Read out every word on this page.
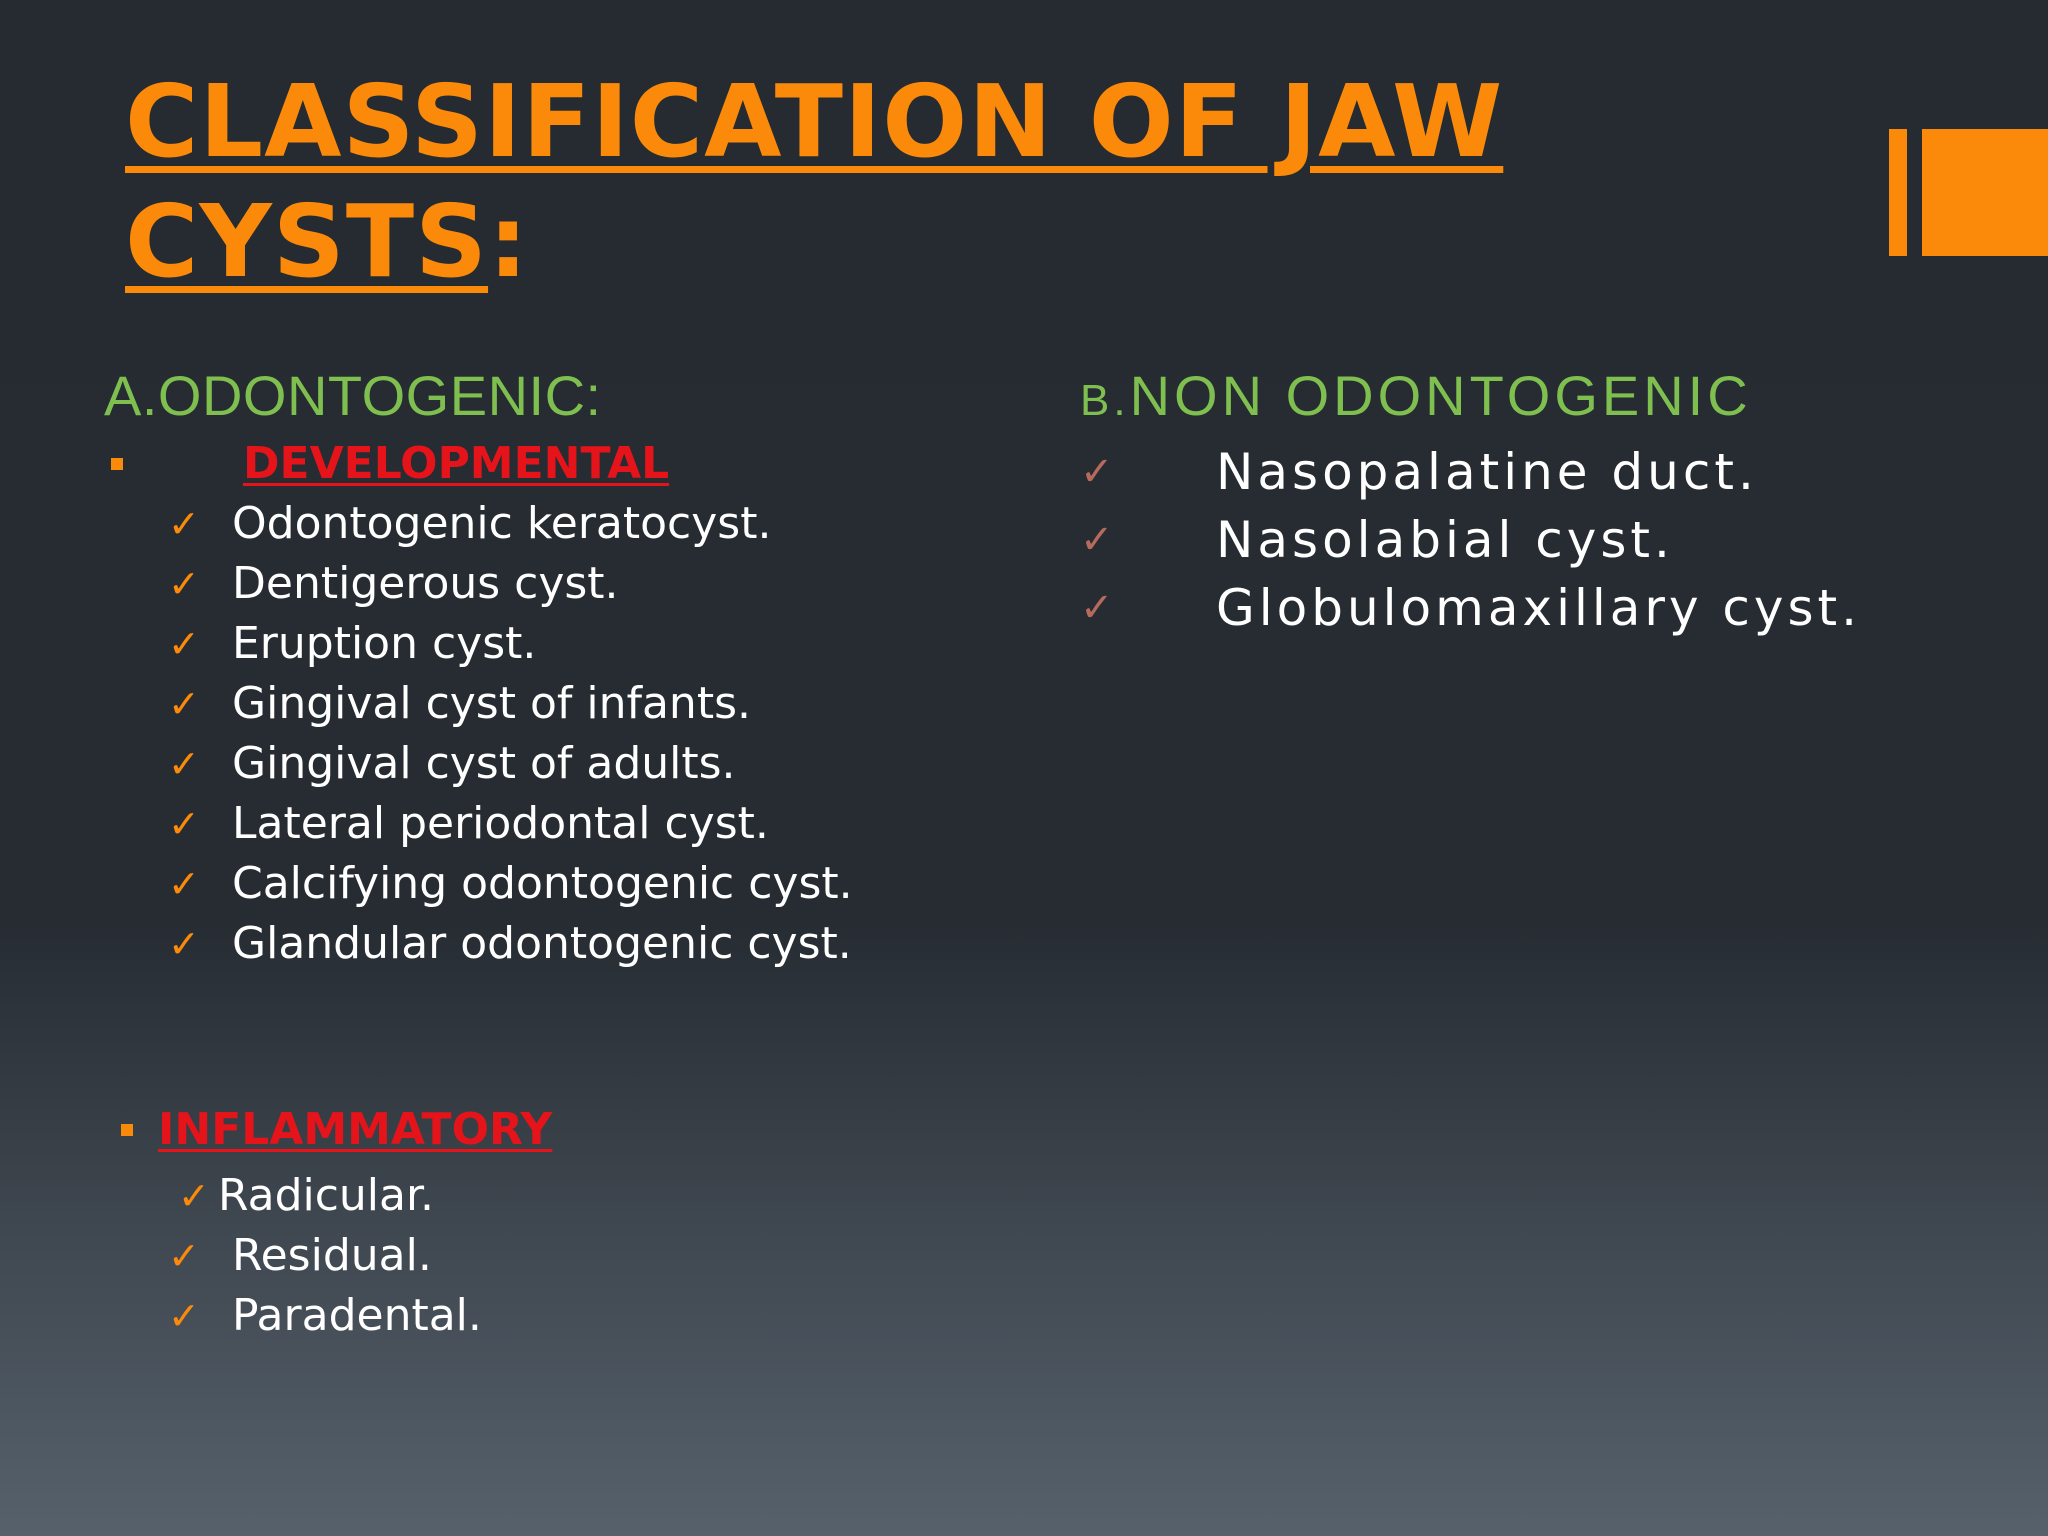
CLASSIFICATION OF JAW
CYSTS:
A.ODONTOGENIC:
DEVELOPMENTAL
✓ Odontogenic keratocyst.
✓ Dentigerous cyst.
✓ Eruption cyst.
✓ Gingival cyst of infants.
✓ Gingival cyst of adults.
✓ Lateral periodontal cyst.
✓ Calcifying odontogenic cyst.
✓ Glandular odontogenic cyst.
INFLAMMATORY
✓ Radicular.
✓ Residual.
✓ Paradental.
B.NON ODONTOGENIC
✓ Nasopalatine duct.
✓ Nasolabial cyst.
✓ Globulomaxillary cyst.
